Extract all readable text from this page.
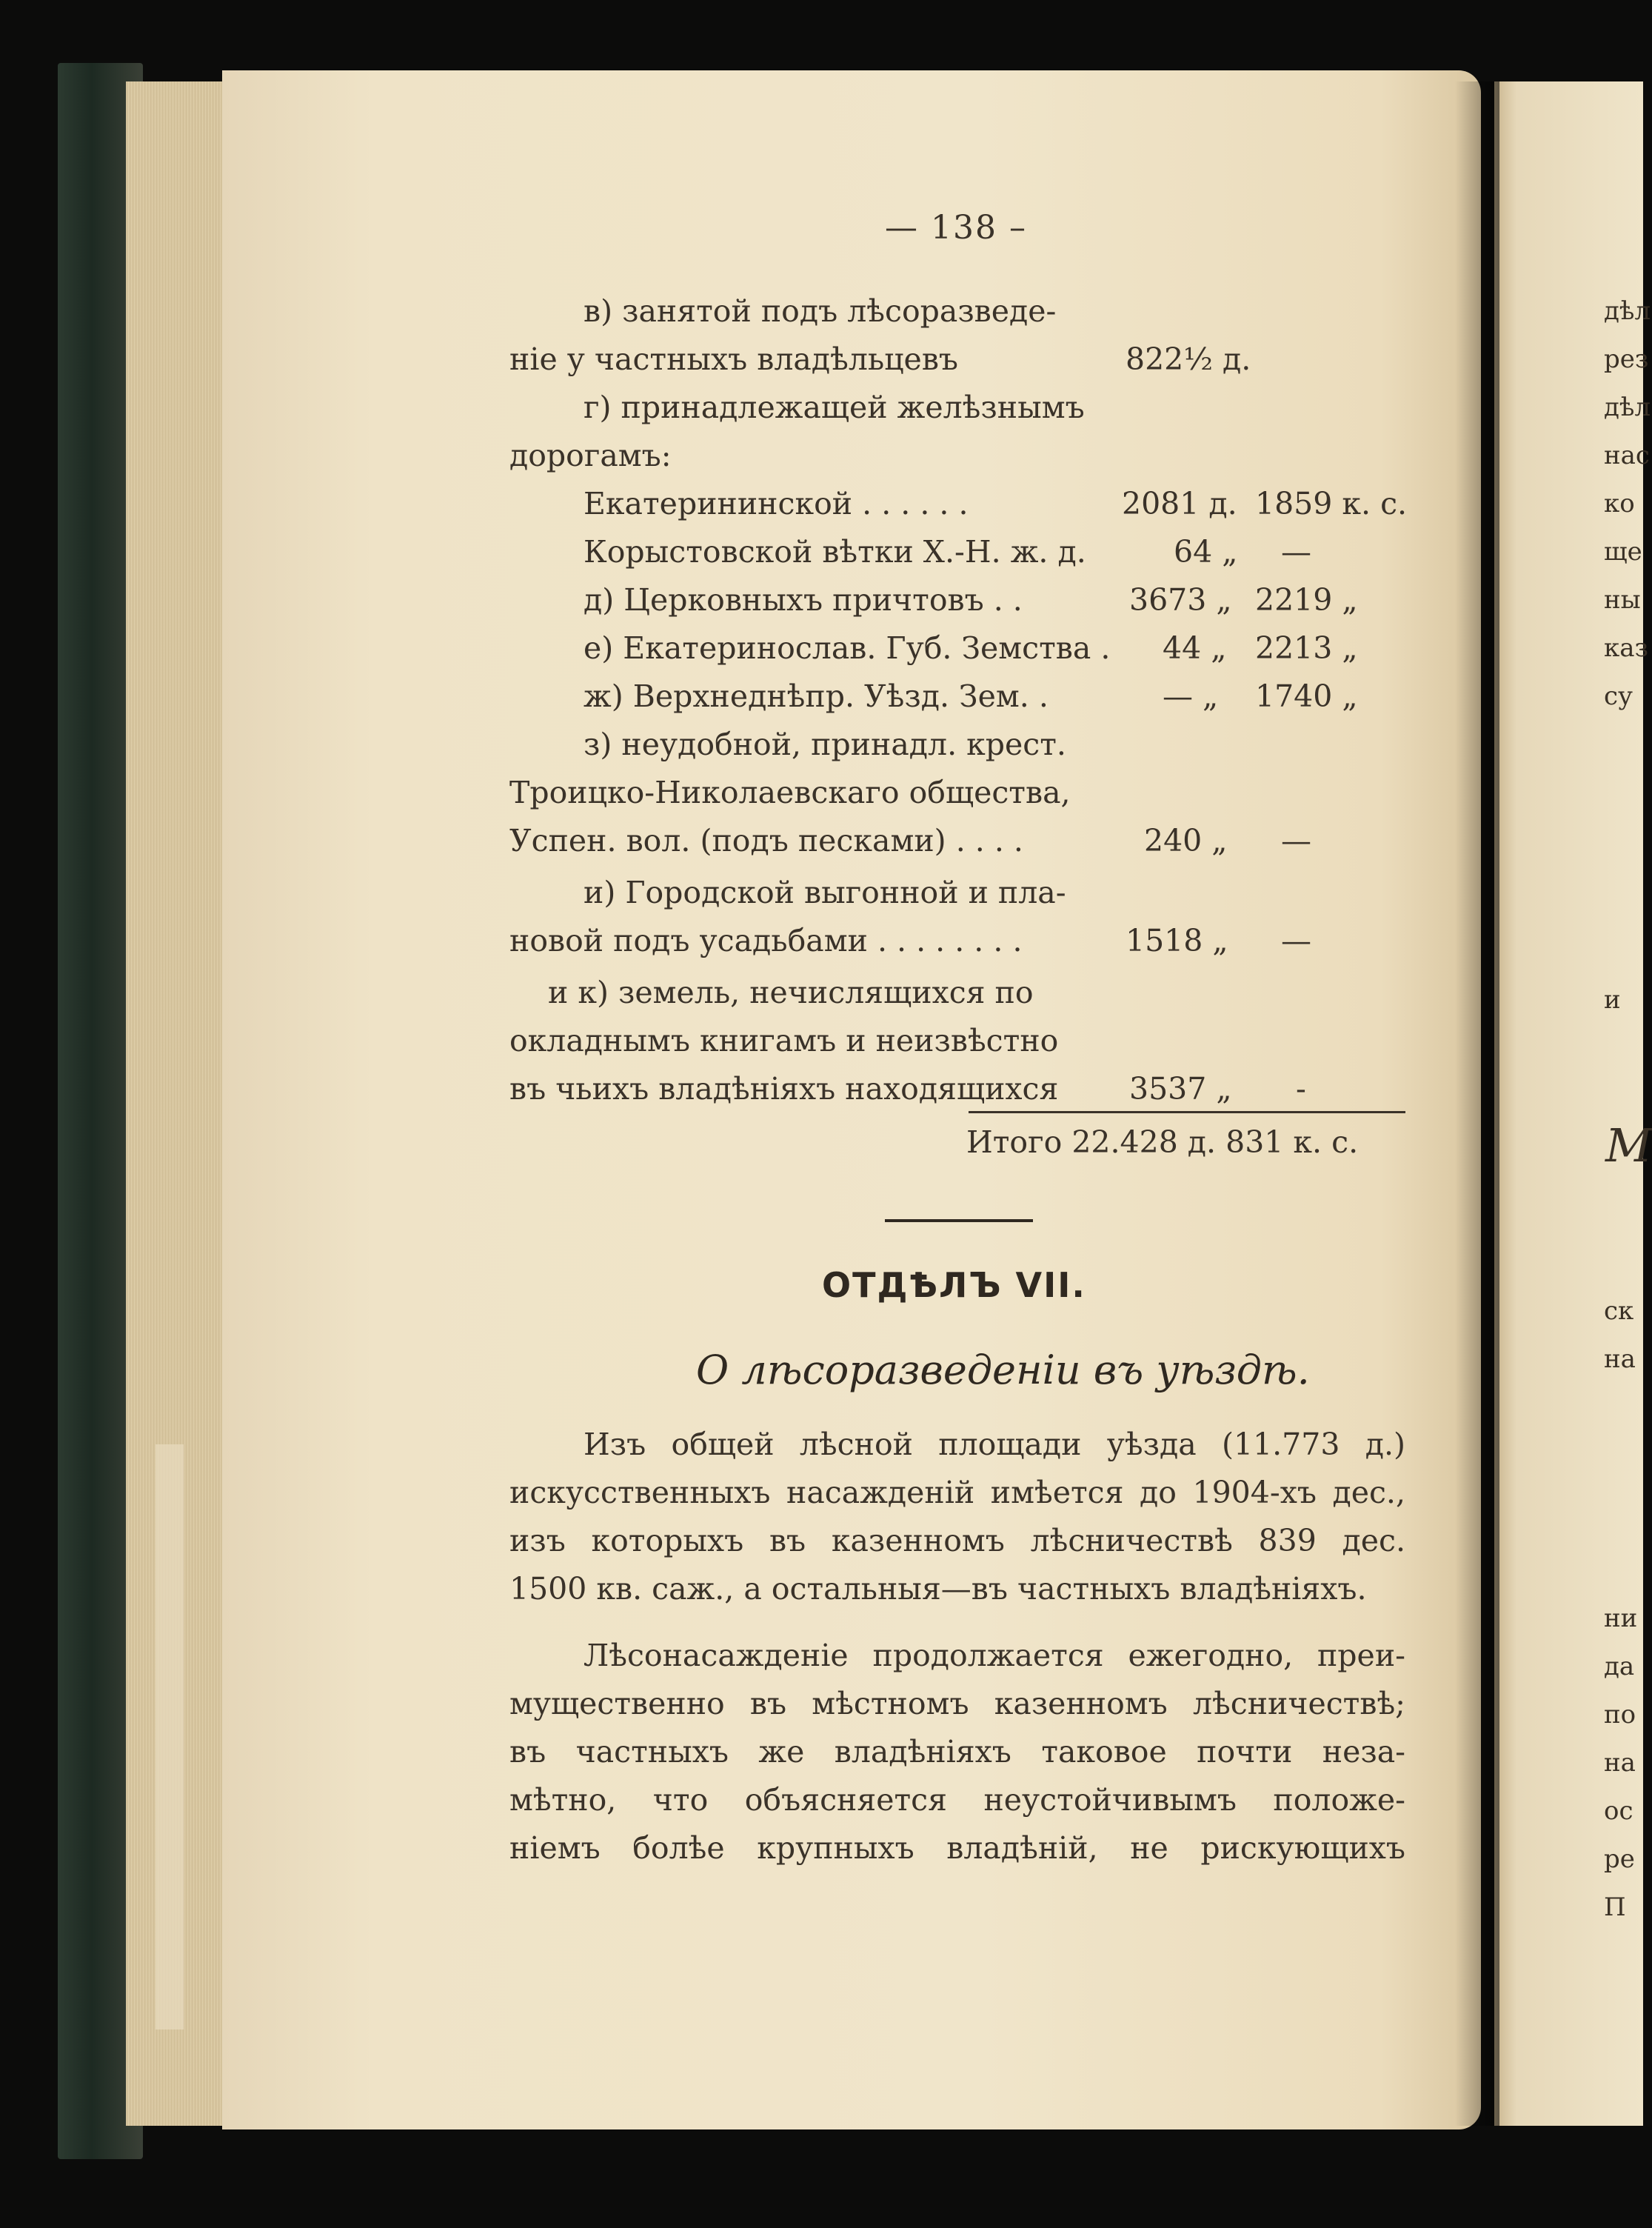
дѣл
рез
дѣл
нас
ко
ще
ны
каз
су
и
М
ск
на
ни
да
по
на
ос
ре
П
— 138 –
в) занятой подъ лѣсоразведе-
ніе у частныхъ владѣльцевъ	822½ д.
г) принадлежащей желѣзнымъ
дорогамъ:
Екатерининской . . . . . .	2081 д. 1859 к. с.
Корыстовской вѣтки Х.-Н. ж. д.	64 „ —
д) Церковныхъ причтовъ . .	3673 „ 2219 „
е) Екатеринослав. Губ. Земства . 44 „ 2213 „
ж) Верхнеднѣпр. Уѣзд. Зем. .	— „ 1740 „
з) неудобной, принадл. крест.
Троицко-Николаевскаго общества,
Успен. вол. (подъ песками) . . . .	240 „ —
и) Городской выгонной и пла-
новой подъ усадьбами . . . . . . . .	1518 „ —
и к) земель, нечислящихся по
окладнымъ книгамъ и неизвѣстно
въ чьихъ владѣніяхъ находящихся 3537 „ -
Итого 22.428 д. 831 к. с.
ОТДѢЛЪ VII.
О лѣсоразведеніи въ уѣздѣ.
Изъ общей лѣсной площади уѣзда (11.773 д.)
искусственныхъ насажденій имѣется до 1904-хъ дес.,
изъ которыхъ въ казенномъ лѣсничествѣ 839 дес.
1500 кв. саж., а остальныя—въ частныхъ владѣніяхъ.
Лѣсонасажденіе продолжается ежегодно, преи-
мущественно въ мѣстномъ казенномъ лѣсничествѣ;
въ частныхъ же владѣніяхъ таковое почти неза-
мѣтно, что объясняется неустойчивымъ положе-
ніемъ болѣе крупныхъ владѣній, не рискующихъ
